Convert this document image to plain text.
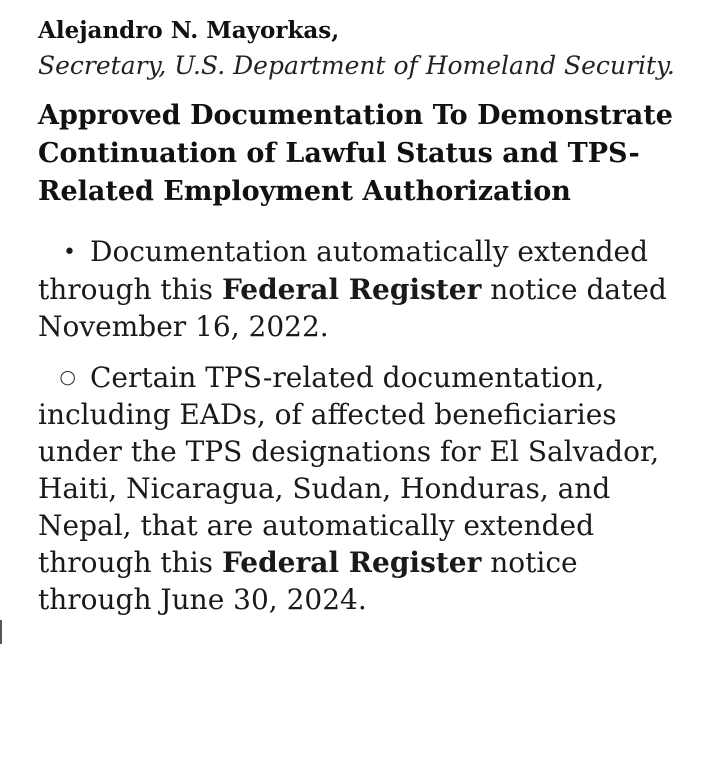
Alejandro N. Mayorkas,

Secretary, U.S. Department of Homeland Security.

Approved Documentation To Demonstrate Continuation of Lawful Status and TPS-Related Employment Authorization

• Documentation automatically extended through this Federal Register notice dated November 16, 2022.

○ Certain TPS-related documentation, including EADs, of affected beneficiaries under the TPS designations for El Salvador, Haiti, Nicaragua, Sudan, Honduras, and Nepal, that are automatically extended through this Federal Register notice through June 30, 2024.
